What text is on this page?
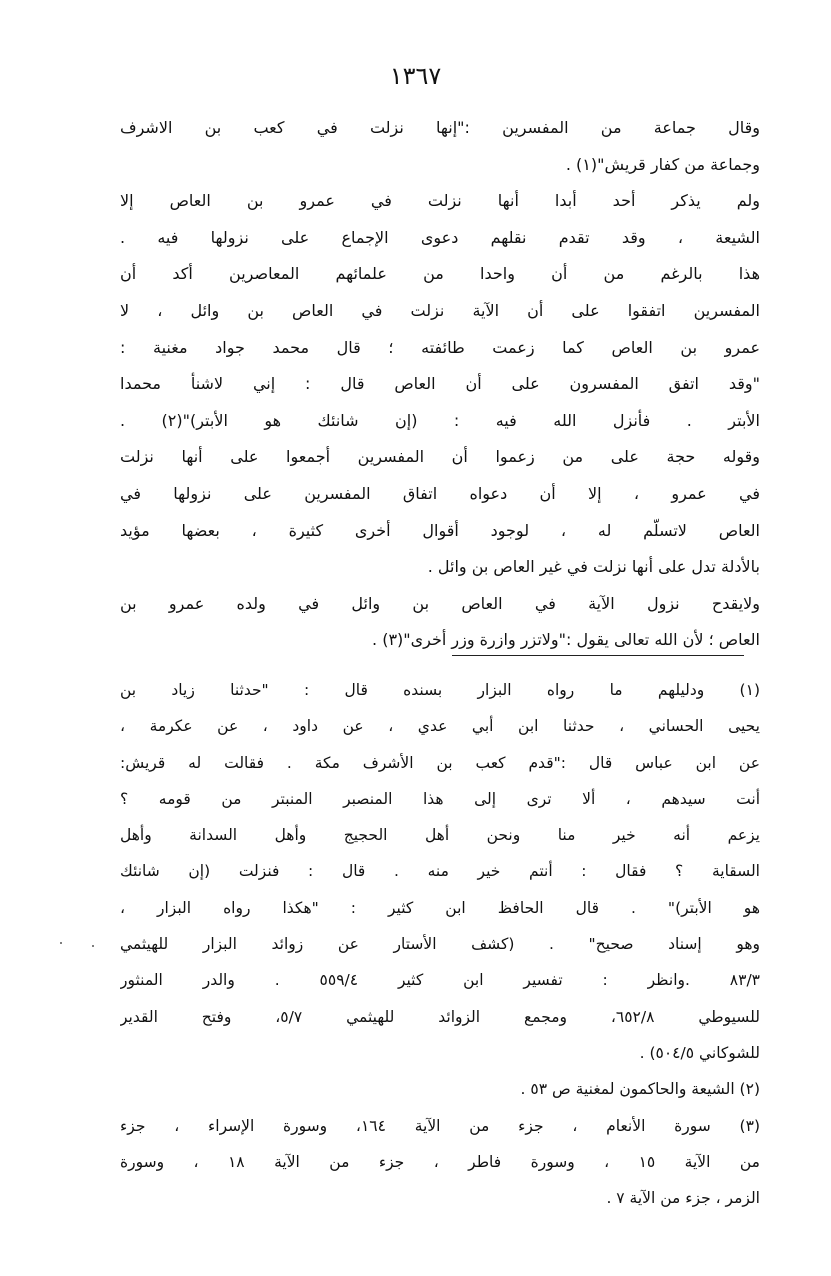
١٣٦٧
وقال جماعة من المفسرين :"إنها نزلت في كعب بن الاشرف
وجماعة من كفار قريش"(١) .
ولم يذكر أحد أبدا أنها نزلت في عمرو بن العاص إلا
الشيعة ، وقد تقدم نقلهم دعوى الإجماع على نزولها فيه .
هذا بالرغم من أن واحدا من علمائهم المعاصرين أكد أن
المفسرين اتفقوا على أن الآية نزلت في العاص بن وائل ، لا
عمرو بن العاص كما زعمت طائفته ؛ قال محمد جواد مغنية :
"وقد اتفق المفسرون على أن العاص قال : إني لاشنأ محمدا
الأبتر . فأنزل الله فيه : (إن شانئك هو الأبتر)"(٢) .
وقوله حجة على من زعموا أن المفسرين أجمعوا على أنها نزلت
في عمرو ، إلا أن دعواه اتفاق المفسرين على نزولها في
العاص لاتسلّم له ، لوجود أقوال أخرى كثيرة ، بعضها مؤيد
بالأدلة تدل على أنها نزلت في غير العاص بن وائل .
ولايقدح نزول الآية في العاص بن وائل في ولده عمرو بن
العاص ؛ لأن الله تعالى يقول :"ولاتزر وازرة وزر أخرى"(٣) .
(١) ودليلهم ما رواه البزار بسنده قال : "حدثنا زياد بن
يحيى الحساني ، حدثنا ابن أبي عدي ، عن داود ، عن عكرمة ،
عن ابن عباس قال :"قدم كعب بن الأشرف مكة . فقالت له قريش:
أنت سيدهم ، ألا ترى إلى هذا المنصبر المنبتر من قومه ؟
يزعم أنه خير منا ونحن أهل الحجيج وأهل السدانة وأهل
السقاية ؟ فقال : أنتم خير منه . قال : فنزلت (إن شانئك
هو الأبتر)" . قال الحافظ ابن كثير : "هكذا رواه البزار ،
وهو إسناد صحيح" . (كشف الأستار عن زوائد البزار للهيثمي
٨٣/٣ .وانظر : تفسير ابن كثير ٥٥٩/٤ . والدر المنثور
للسيوطي ٦٥٢/٨، ومجمع الزوائد للهيثمي ٥/٧، وفتح القدير
للشوكاني ٥٠٤/٥) .
(٢) الشيعة والحاكمون لمغنية ص ٥٣ .
(٣) سورة الأنعام ، جزء من الآية ١٦٤، وسورة الإسراء ، جزء
من الآية ١٥ ، وسورة فاطر ، جزء من الآية ١٨ ، وسورة
الزمر ، جزء من الآية ٧ .
